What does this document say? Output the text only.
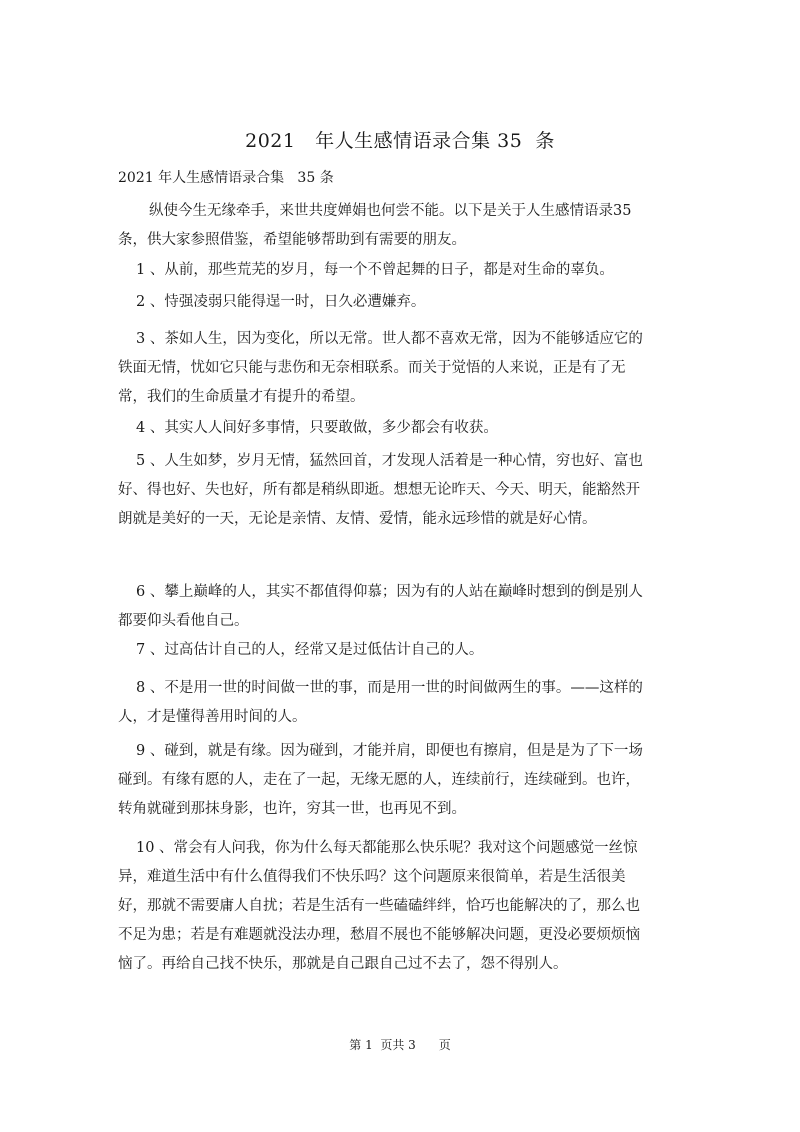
2021   年人生感情语录合集 35  条
2021 年人生感情语录合集   35 条

纵使今生无缘牵手，来世共度婵娟也何尝不能。以下是关于人生感情语录35条，供大家参照借鉴，希望能够帮助到有需要的朋友。

1 、从前，那些荒芜的岁月，每一个不曾起舞的日子，都是对生命的辜负。

2 、恃强凌弱只能得逞一时，日久必遭嫌弃。

3 、茶如人生，因为变化，所以无常。世人都不喜欢无常，因为不能够适应它的铁面无情，忧如它只能与悲伤和无奈相联系。而关于觉悟的人来说，正是有了无常，我们的生命质量才有提升的希望。

4 、其实人人间好多事情，只要敢做，多少都会有收获。

5 、人生如梦，岁月无情，猛然回首，才发现人活着是一种心情，穷也好、富也好、得也好、失也好，所有都是稍纵即逝。想想无论昨天、今天、明天，能豁然开朗就是美好的一天，无论是亲情、友情、爱情，能永远珍惜的就是好心情。

6 、攀上巅峰的人，其实不都值得仰慕；因为有的人站在巅峰时想到的倒是别人都要仰头看他自己。

7 、过高估计自己的人，经常又是过低估计自己的人。

8 、不是用一世的时间做一世的事，而是用一世的时间做两生的事。——这样的人，才是懂得善用时间的人。

9 、碰到，就是有缘。因为碰到，才能并肩，即便也有擦肩，但是是为了下一场碰到。有缘有愿的人，走在了一起，无缘无愿的人，连续前行，连续碰到。也许，转角就碰到那抹身影，也许，穷其一世，也再见不到。

10 、常会有人问我，你为什么每天都能那么快乐呢？我对这个问题感觉一丝惊异，难道生活中有什么值得我们不快乐吗？这个问题原来很简单，若是生活很美好，那就不需要庸人自扰；若是生活有一些磕磕绊绊，恰巧也能解决的了，那么也不足为患；若是有难题就没法办理，愁眉不展也不能够解决问题，更没必要烦烦恼恼了。再给自己找不快乐，那就是自己跟自己过不去了，怨不得别人。

第 1  页共 3      页
